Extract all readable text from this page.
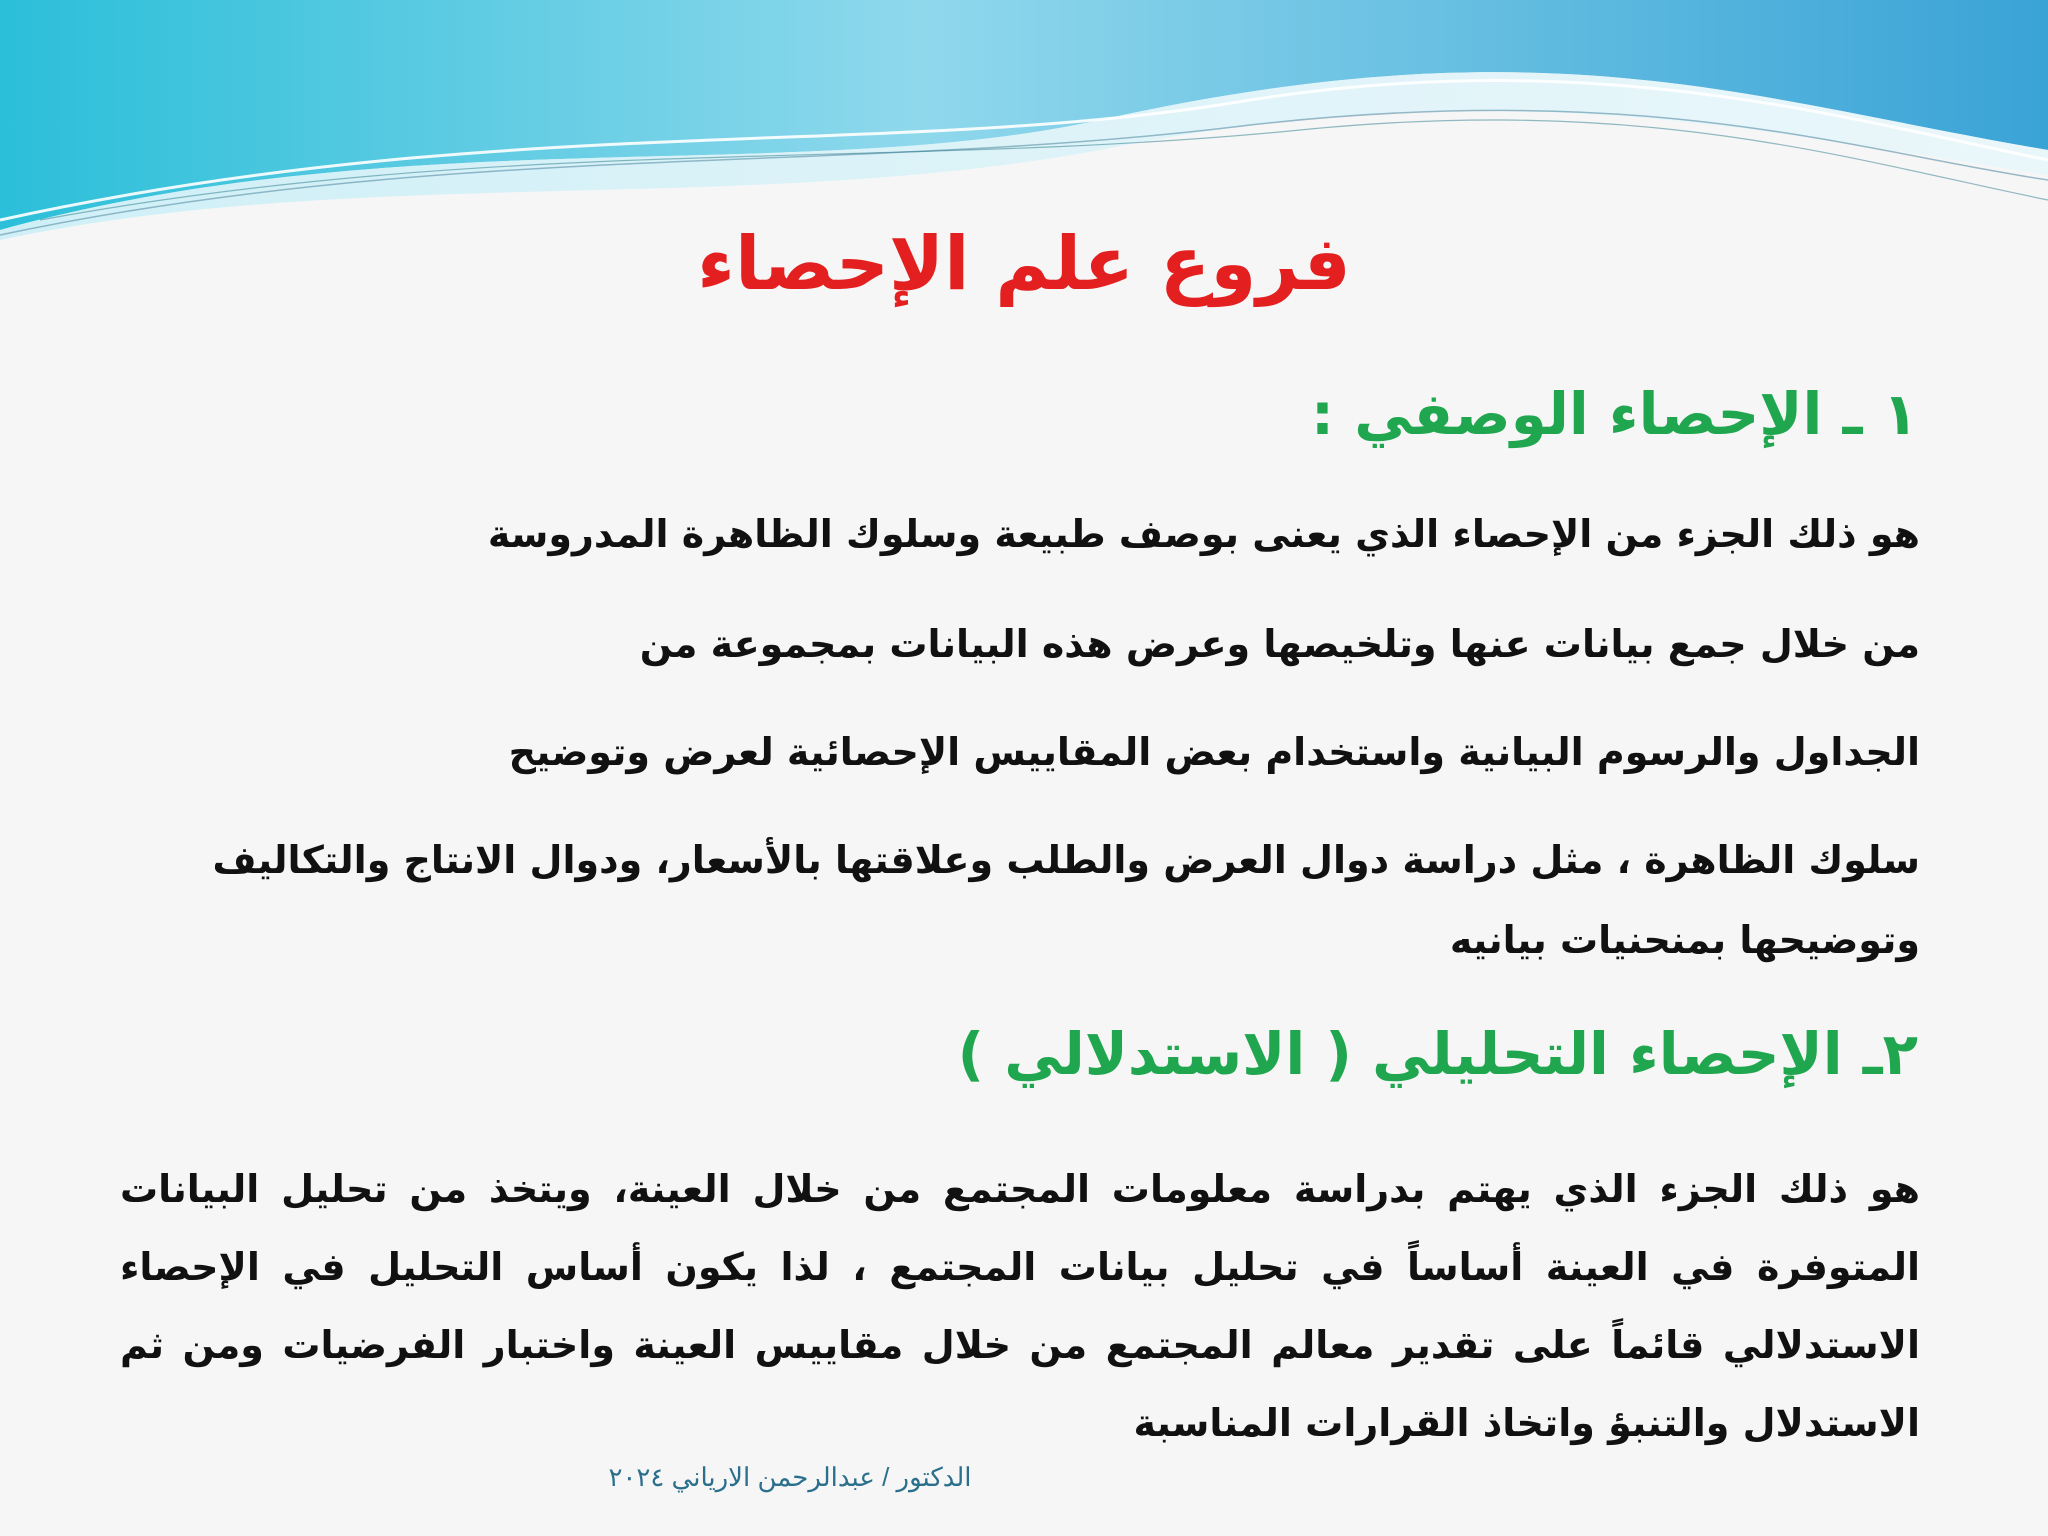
فروع علم الإحصاء
١ ـ الإحصاء الوصفي :

هو ذلك الجزء من الإحصاء الذي يعنى بوصف طبيعة وسلوك الظاهرة المدروسة

من خلال جمع بيانات عنها وتلخيصها وعرض هذه البيانات بمجموعة من

الجداول والرسوم البيانية واستخدام بعض المقاييس الإحصائية لعرض وتوضيح

سلوك الظاهرة ، مثل دراسة دوال العرض والطلب وعلاقتها بالأسعار، ودوال الانتاج والتكاليف

وتوضيحها بمنحنيات بيانيه

٢ـ الإحصاء التحليلي ( الاستدلالي )

هو ذلك الجزء الذي يهتم بدراسة معلومات المجتمع من خلال العينة، ويتخذ من تحليل البيانات المتوفرة في العينة أساساً في تحليل بيانات المجتمع ، لذا يكون أساس التحليل في الإحصاء الاستدلالي قائماً على تقدير معالم المجتمع من خلال مقاييس العينة واختبار الفرضيات ومن ثم الاستدلال والتنبؤ واتخاذ القرارات المناسبة

الدكتور / عبدالرحمن الارياني ٢٠٢٤
